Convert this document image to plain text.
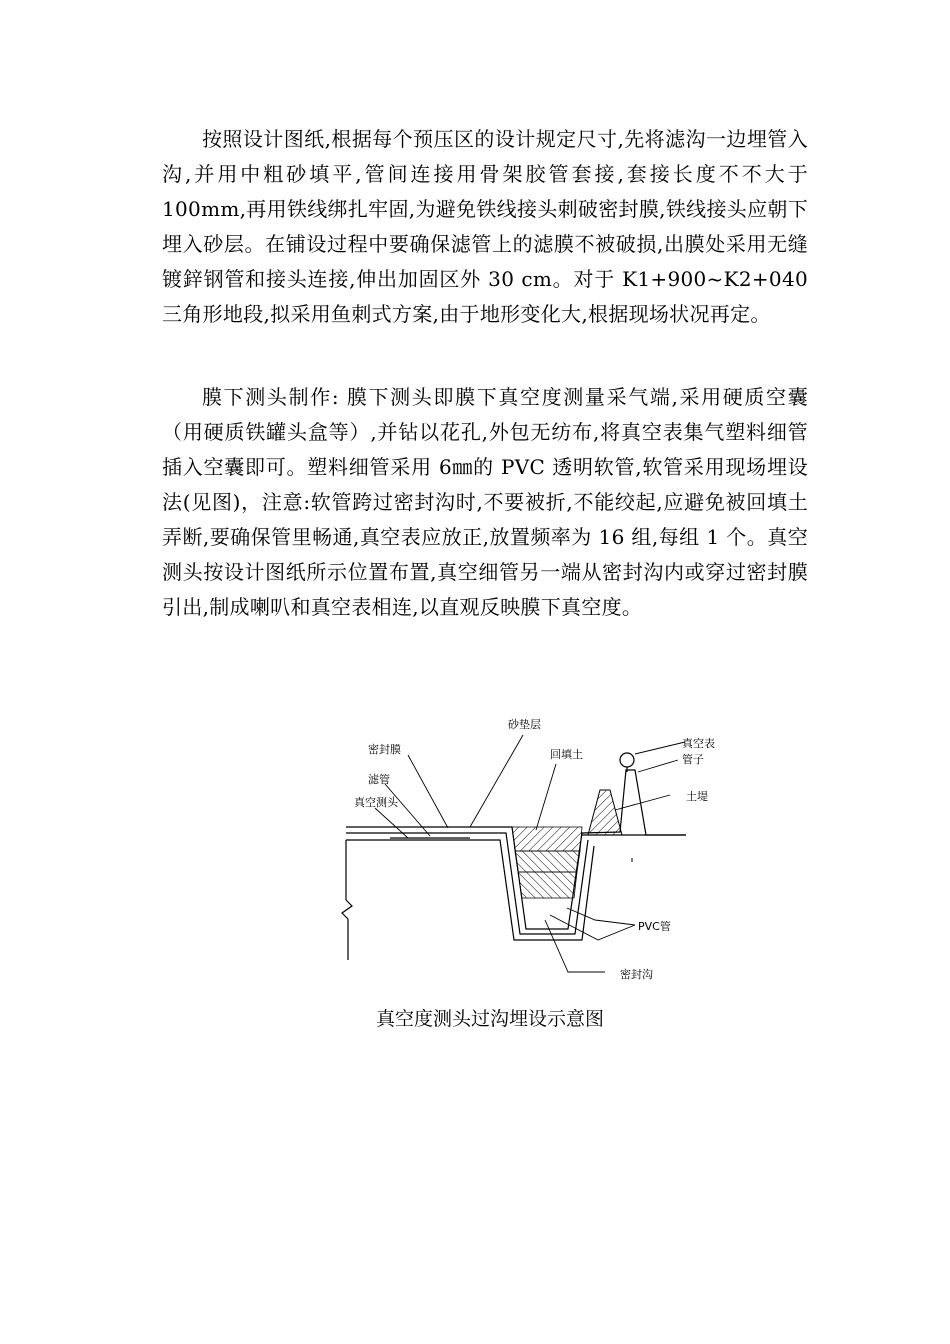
按照设计图纸,根据每个预压区的设计规定尺寸,先将滤沟一边埋管入沟,并用中粗砂填平,管间连接用骨架胶管套接,套接长度不不大于 100mm,再用铁线绑扎牢固,为避免铁线接头刺破密封膜,铁线接头应朝下埋入砂层。在铺设过程中要确保滤管上的滤膜不被破损,出膜处采用无缝镀鋅钢管和接头连接,伸出加固区外 30 cm。对于 K1+900~K2+040 三角形地段,拟采用鱼刺式方案,由于地形变化大,根据现场状况再定。

膜下测头制作: 膜下测头即膜下真空度测量采气端,采用硬质空囊（用硬质铁罐头盒等）,并钻以花孔,外包无纺布,将真空表集气塑料细管插入空囊即可。塑料细管采用 6㎜的 PVC 透明软管,软管采用现场埋设法(见图)，注意:软管跨过密封沟时,不要被折,不能绞起,应避免被回填土弄断,要确保管里畅通,真空表应放正,放置频率为 16 组,每组 1 个。真空测头按设计图纸所示位置布置,真空细管另一端从密封沟内或穿过密封膜引出,制成喇叭和真空表相连,以直观反映膜下真空度。

砂垫层
密封膜	回填土
真空表
管子
滤管
土堤
真空测头
PVC管
密封沟

真空度测头过沟埋设示意图
